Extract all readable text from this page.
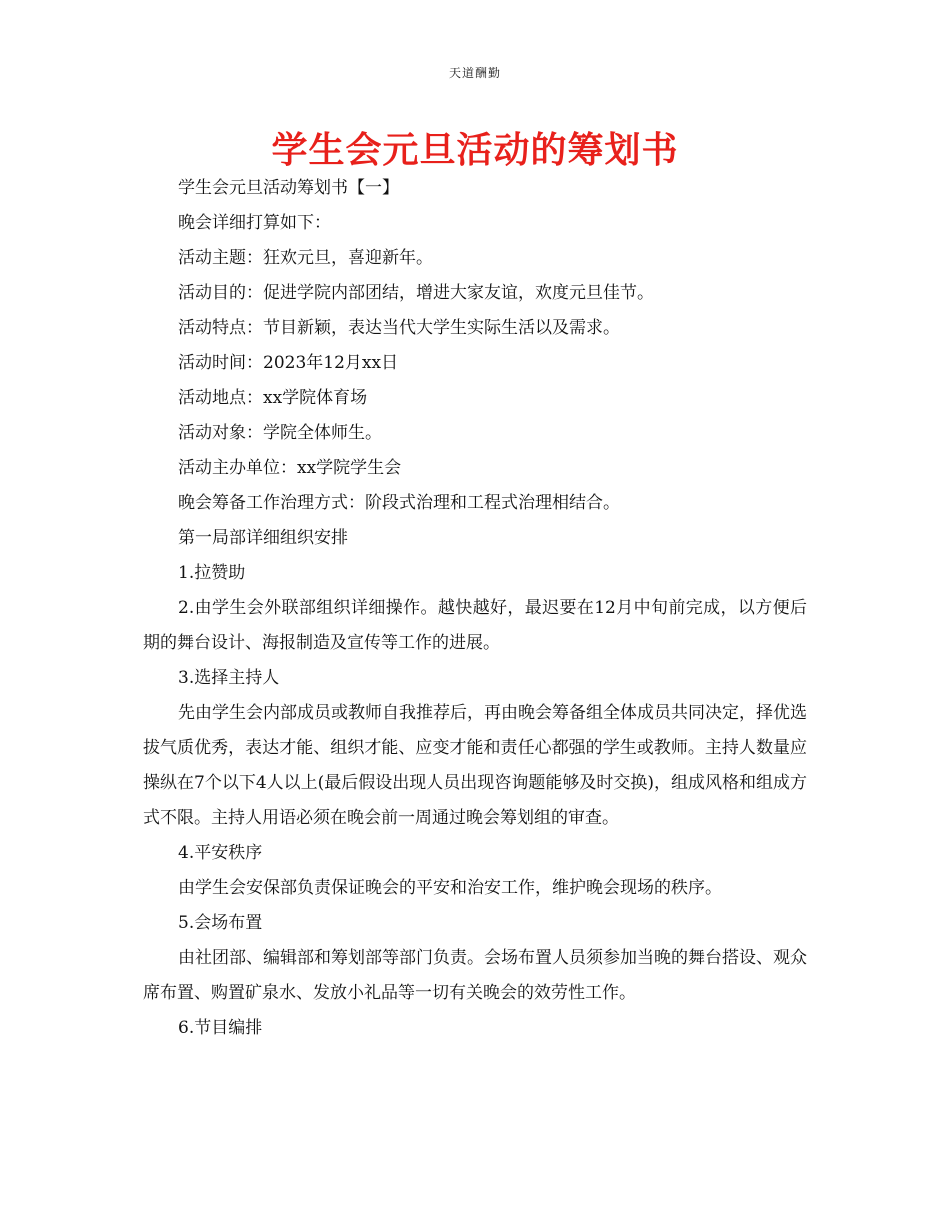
天道酬勤
学生会元旦活动的筹划书

学生会元旦活动筹划书【一】

晚会详细打算如下：

活动主题：狂欢元旦，喜迎新年。

活动目的：促进学院内部团结，增进大家友谊，欢度元旦佳节。

活动特点：节目新颖，表达当代大学生实际生活以及需求。

活动时间：2023年12月xx日

活动地点：xx学院体育场

活动对象：学院全体师生。

活动主办单位：xx学院学生会

晚会筹备工作治理方式：阶段式治理和工程式治理相结合。

第一局部详细组织安排

1.拉赞助

2.由学生会外联部组织详细操作。越快越好，最迟要在12月中旬前完成，以方便后期的舞台设计、海报制造及宣传等工作的进展。

3.选择主持人

先由学生会内部成员或教师自我推荐后，再由晚会筹备组全体成员共同决定，择优选拔气质优秀，表达才能、组织才能、应变才能和责任心都强的学生或教师。主持人数量应操纵在7个以下4人以上(最后假设出现人员出现咨询题能够及时交换)，组成风格和组成方式不限。主持人用语必须在晚会前一周通过晚会筹划组的审查。

4.平安秩序

由学生会安保部负责保证晚会的平安和治安工作，维护晚会现场的秩序。

5.会场布置

由社团部、编辑部和筹划部等部门负责。会场布置人员须参加当晚的舞台搭设、观众席布置、购置矿泉水、发放小礼品等一切有关晚会的效劳性工作。

6.节目编排
